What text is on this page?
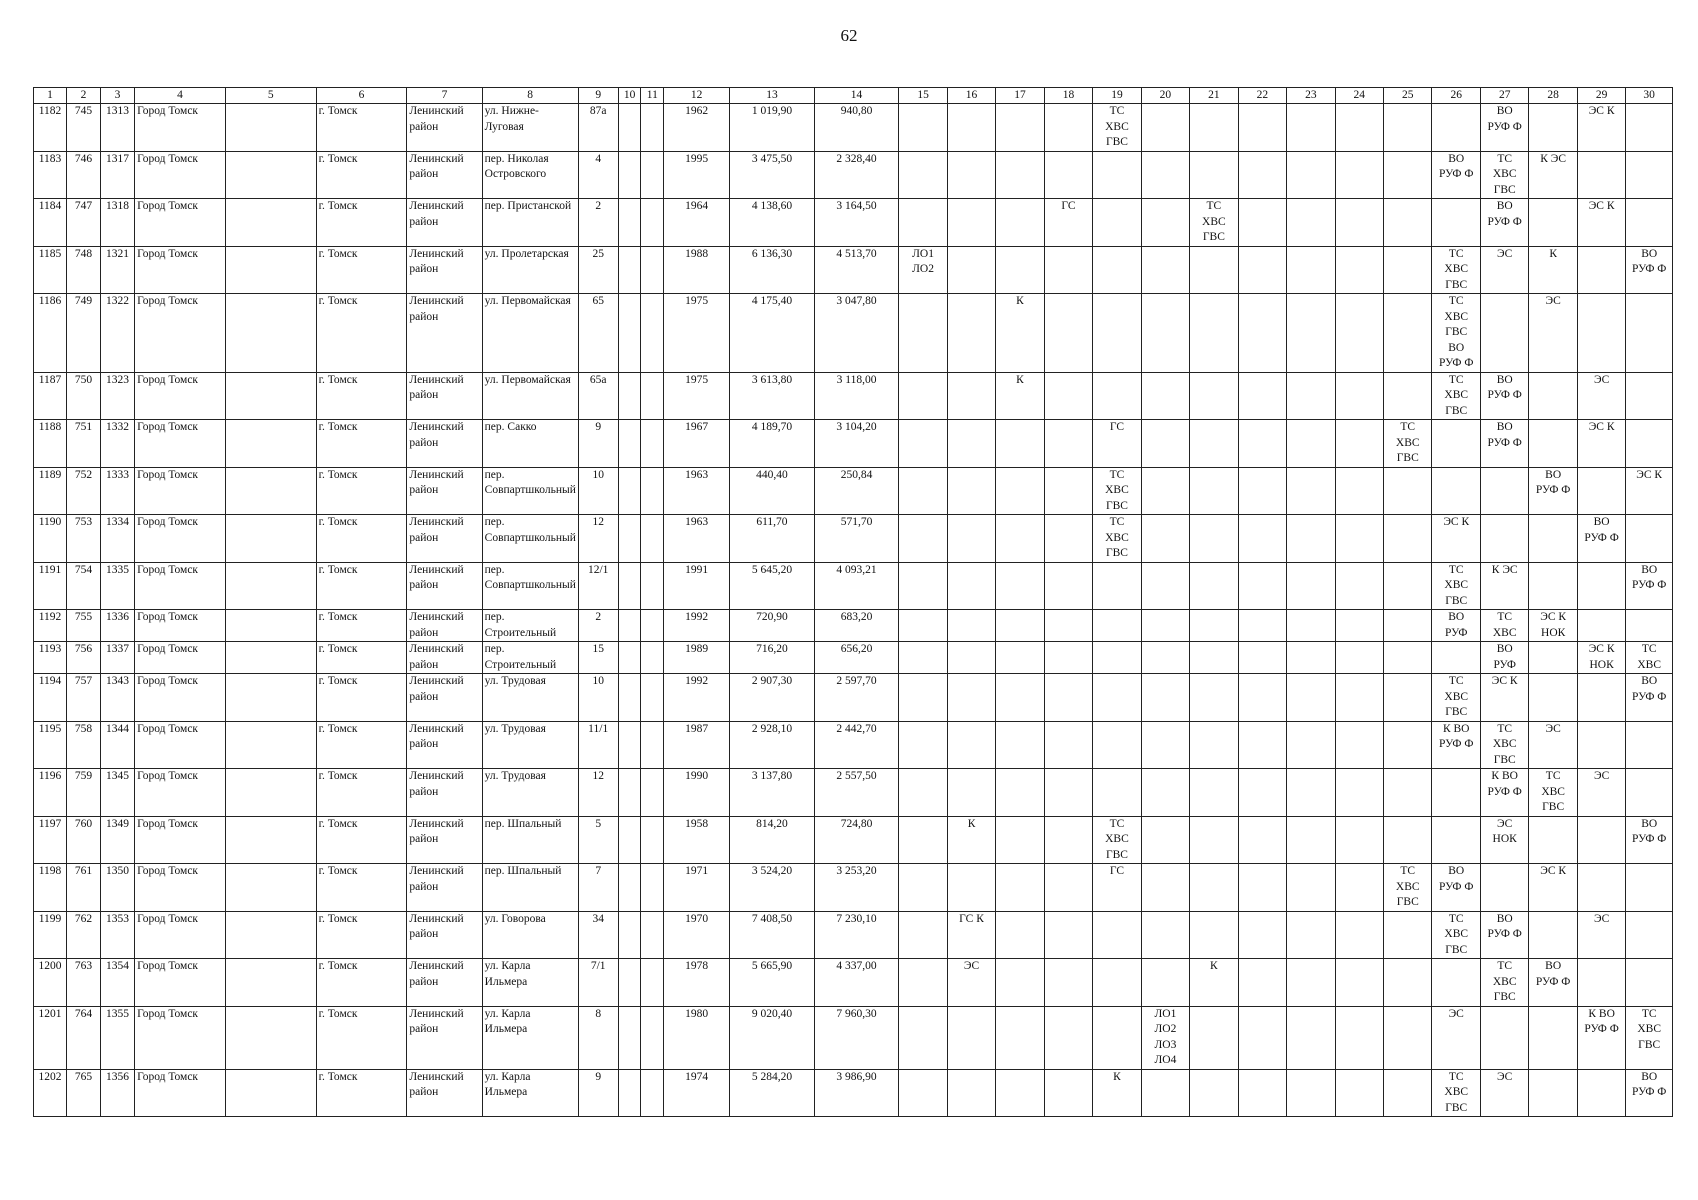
62
1	2	3	4	5	6	7	8	9	10	11	12	13	14	15	16	17	18	19	20	21	22	23	24	25	26	27	28	29	30
1182	745	1313	Город Томск		г. Томск	Ленинский район	ул. Нижне-Луговая	87а			1962	1 019,90	940,80					ТС
ХВС
ГВС								ВО
РУФ Ф		ЭС К	
1183	746	1317	Город Томск		г. Томск	Ленинский район	пер. Николая Островского	4			1995	3 475,50	2 328,40												ВО
РУФ Ф	ТС
ХВС
ГВС	К ЭС		
1184	747	1318	Город Томск		г. Томск	Ленинский район	пер. Пристанской	2			1964	4 138,60	3 164,50				ГС			ТС
ХВС
ГВС						ВО
РУФ Ф		ЭС К	
1185	748	1321	Город Томск		г. Томск	Ленинский район	ул. Пролетарская	25			1988	6 136,30	4 513,70	ЛО1
ЛО2											ТС
ХВС
ГВС	ЭС	К		ВО
РУФ Ф
1186	749	1322	Город Томск		г. Томск	Ленинский район	ул. Первомайская	65			1975	4 175,40	3 047,80			К									ТС
ХВС
ГВС
ВО
РУФ Ф		ЭС		
1187	750	1323	Город Томск		г. Томск	Ленинский район	ул. Первомайская	65а			1975	3 613,80	3 118,00			К									ТС
ХВС
ГВС	ВО
РУФ Ф		ЭС	
1188	751	1332	Город Томск		г. Томск	Ленинский район	пер. Сакко	9			1967	4 189,70	3 104,20					ГС						ТС
ХВС
ГВС		ВО
РУФ Ф		ЭС К	
1189	752	1333	Город Томск		г. Томск	Ленинский район	пер. Совпартшкольный	10			1963	440,40	250,84					ТС
ХВС
ГВС									ВО
РУФ Ф		ЭС К
1190	753	1334	Город Томск		г. Томск	Ленинский район	пер. Совпартшкольный	12			1963	611,70	571,70					ТС
ХВС
ГВС							ЭС К			ВО
РУФ Ф	
1191	754	1335	Город Томск		г. Томск	Ленинский район	пер. Совпартшкольный	12/1			1991	5 645,20	4 093,21												ТС
ХВС
ГВС	К ЭС			ВО
РУФ Ф
1192	755	1336	Город Томск		г. Томск	Ленинский район	пер. Строительный	2			1992	720,90	683,20												ВО
РУФ	ТС
ХВС	ЭС К
НОК		
1193	756	1337	Город Томск		г. Томск	Ленинский район	пер. Строительный	15			1989	716,20	656,20													ВО
РУФ		ЭС К
НОК	ТС
ХВС
1194	757	1343	Город Томск		г. Томск	Ленинский район	ул. Трудовая	10			1992	2 907,30	2 597,70												ТС
ХВС
ГВС	ЭС К			ВО
РУФ Ф
1195	758	1344	Город Томск		г. Томск	Ленинский район	ул. Трудовая	11/1			1987	2 928,10	2 442,70												К ВО
РУФ Ф	ТС
ХВС
ГВС	ЭС		
1196	759	1345	Город Томск		г. Томск	Ленинский район	ул. Трудовая	12			1990	3 137,80	2 557,50													К ВО
РУФ Ф	ТС
ХВС
ГВС	ЭС	
1197	760	1349	Город Томск		г. Томск	Ленинский район	пер. Шпальный	5			1958	814,20	724,80		К			ТС
ХВС
ГВС								ЭС
НОК			ВО
РУФ Ф
1198	761	1350	Город Томск		г. Томск	Ленинский район	пер. Шпальный	7			1971	3 524,20	3 253,20					ГС						ТС
ХВС
ГВС	ВО
РУФ Ф		ЭС К		
1199	762	1353	Город Томск		г. Томск	Ленинский район	ул. Говорова	34			1970	7 408,50	7 230,10		ГС К										ТС
ХВС
ГВС	ВО
РУФ Ф		ЭС	
1200	763	1354	Город Томск		г. Томск	Ленинский район	ул. Карла Ильмера	7/1			1978	5 665,90	4 337,00		ЭС					К						ТС
ХВС
ГВС	ВО
РУФ Ф		
1201	764	1355	Город Томск		г. Томск	Ленинский район	ул. Карла Ильмера	8			1980	9 020,40	7 960,30						ЛО1
ЛО2
ЛО3
ЛО4						ЭС			К ВО
РУФ Ф	ТС
ХВС
ГВС
1202	765	1356	Город Томск		г. Томск	Ленинский район	ул. Карла Ильмера	9			1974	5 284,20	3 986,90					К							ТС
ХВС
ГВС	ЭС			ВО
РУФ Ф
